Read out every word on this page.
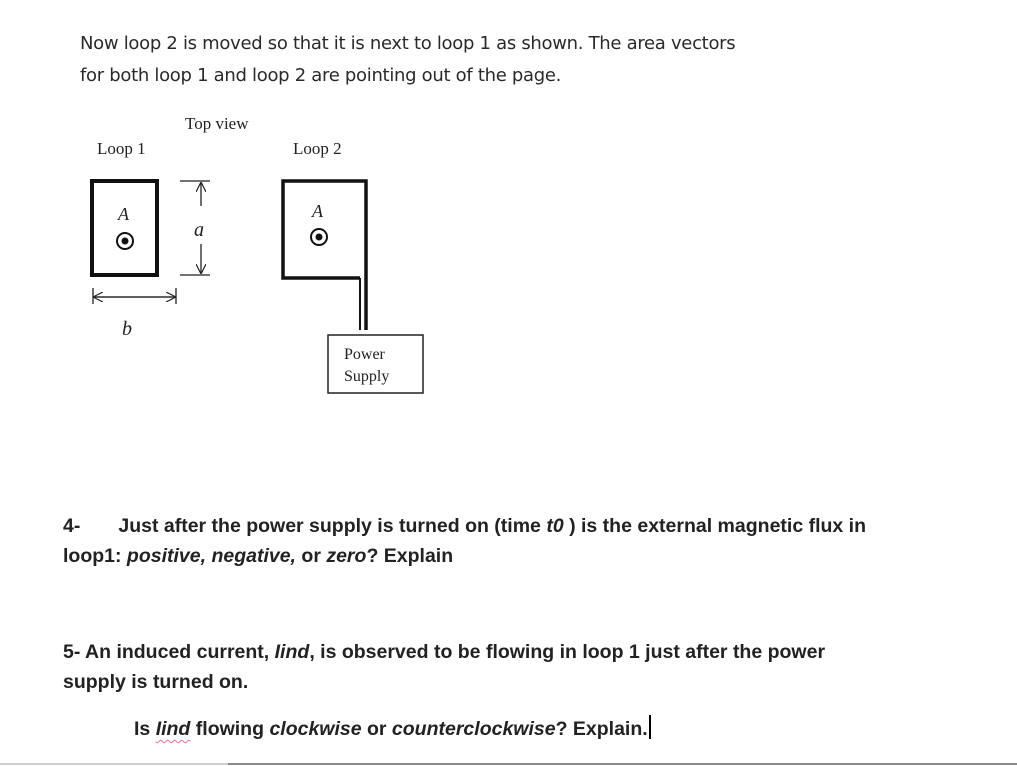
Now loop 2 is moved so that it is next to loop 1 as shown. The area vectors

for both loop 1 and loop 2 are pointing out of the page.

Top view
Loop 1	Loop 2
A
a
b
A
Power
Supply

4- Just after the power supply is turned on (time t0 ) is the external magnetic flux in

loop1: positive, negative, or zero? Explain

5- An induced current, Iind, is observed to be flowing in loop 1 just after the power

supply is turned on.

Is Iind flowing clockwise or counterclockwise? Explain.
